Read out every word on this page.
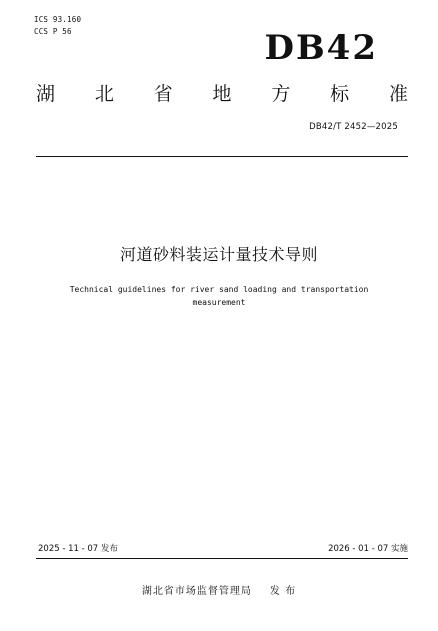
ICS 93.160
CCS P 56	DB42
湖 北 省 地 方 标 准
DB42/T 2452—2025
河道砂料装运计量技术导则
Technical guidelines for river sand loading and transportation
measurement
2025 - 11 - 07 发布	2026 - 01 - 07 实施
湖北省市场监督管理局 发 布
